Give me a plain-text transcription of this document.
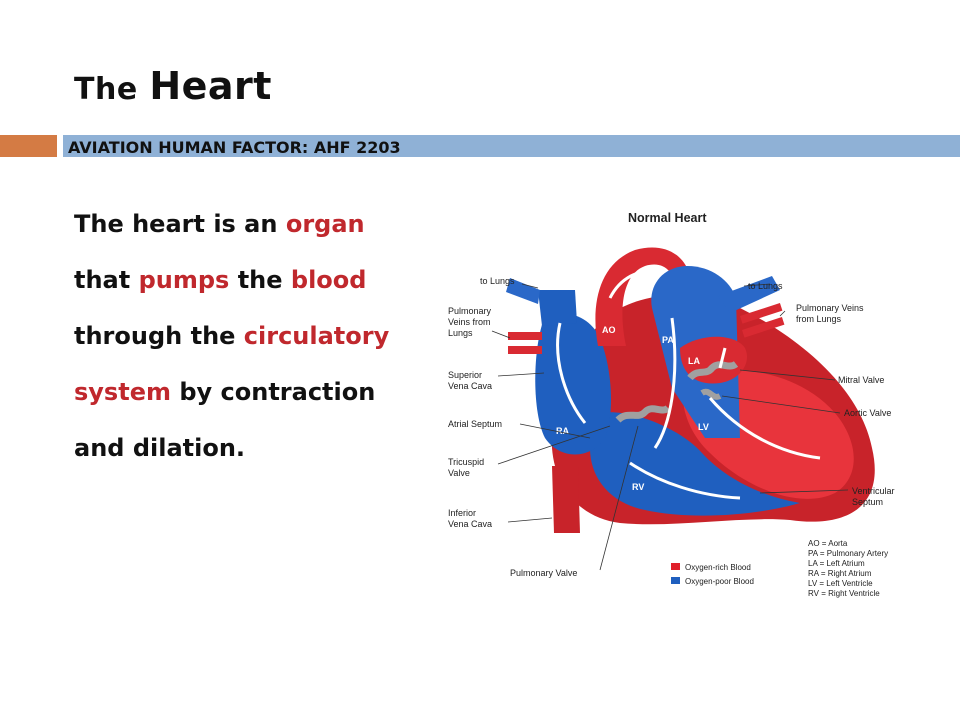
The Heart
AVIATION HUMAN FACTOR: AHF 2203
The heart is an organ
that pumps the blood
through the circulatory
system by contraction
and dilation.
Normal Heart
AO
PA
LA
RA	LV
RV
to Lungs	to Lungs
Pulmonary
Veins from
Lungs
Pulmonary Veins
from Lungs
Superior
Vena Cava
Atrial Septum
Tricuspid
Valve
Inferior
Vena Cava
Pulmonary Valve
Mitral Valve
Aortic Valve
Ventricular
Septum
Oxygen-rich Blood
Oxygen-poor Blood
AO = Aorta
PA = Pulmonary Artery
LA = Left Atrium
RA = Right Atrium
LV = Left Ventricle
RV = Right Ventricle
